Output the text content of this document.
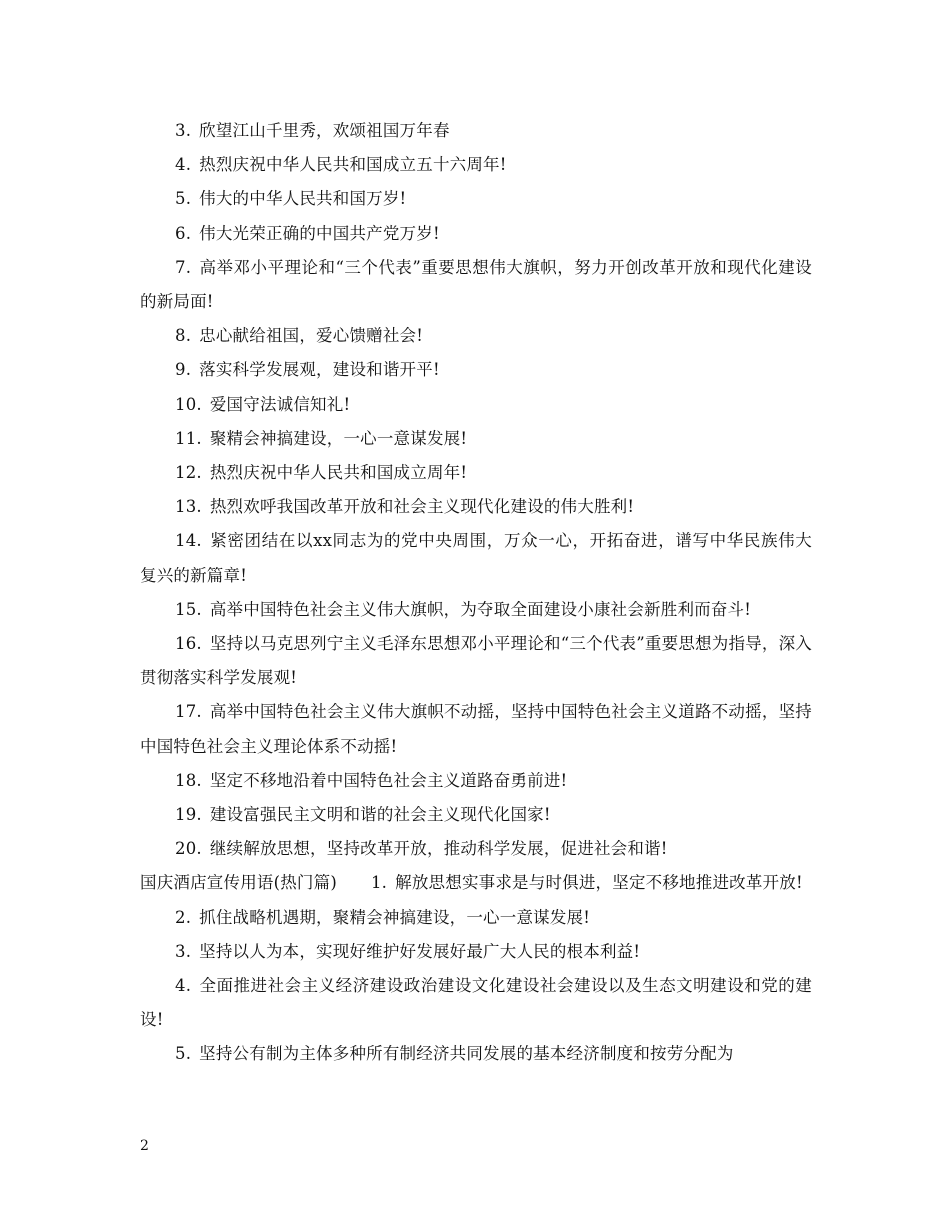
3. 欣望江山千里秀，欢颂祖国万年春

4. 热烈庆祝中华人民共和国成立五十六周年!

5. 伟大的中华人民共和国万岁!

6. 伟大光荣正确的中国共产党万岁!

7. 高举邓小平理论和“三个代表”重要思想伟大旗帜，努力开创改革开放和现代化建设的新局面!

8. 忠心献给祖国，爱心馈赠社会!

9. 落实科学发展观，建设和谐开平!

10. 爱国守法诚信知礼!

11. 聚精会神搞建设，一心一意谋发展!

12. 热烈庆祝中华人民共和国成立周年!

13. 热烈欢呼我国改革开放和社会主义现代化建设的伟大胜利!

14. 紧密团结在以xx同志为的党中央周围，万众一心，开拓奋进，谱写中华民族伟大复兴的新篇章!

15. 高举中国特色社会主义伟大旗帜，为夺取全面建设小康社会新胜利而奋斗!

16. 坚持以马克思列宁主义毛泽东思想邓小平理论和“三个代表”重要思想为指导，深入贯彻落实科学发展观!

17. 高举中国特色社会主义伟大旗帜不动摇，坚持中国特色社会主义道路不动摇，坚持中国特色社会主义理论体系不动摇!

18. 坚定不移地沿着中国特色社会主义道路奋勇前进!

19. 建设富强民主文明和谐的社会主义现代化国家!

20. 继续解放思想，坚持改革开放，推动科学发展，促进社会和谐!

国庆酒店宣传用语(热门篇) 1. 解放思想实事求是与时俱进，坚定不移地推进改革开放!

2. 抓住战略机遇期，聚精会神搞建设，一心一意谋发展!

3. 坚持以人为本，实现好维护好发展好最广大人民的根本利益!

4. 全面推进社会主义经济建设政治建设文化建设社会建设以及生态文明建设和党的建设!

5. 坚持公有制为主体多种所有制经济共同发展的基本经济制度和按劳分配为

2
